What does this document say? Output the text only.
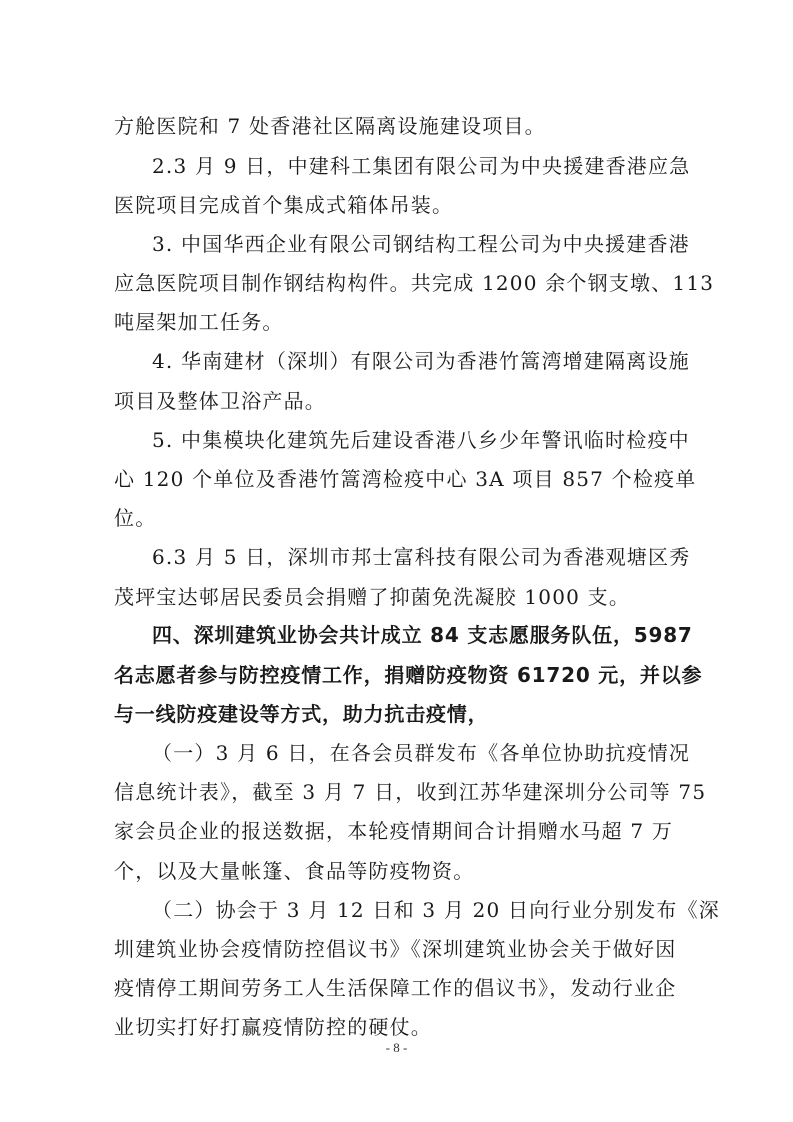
方舱医院和 7 处香港社区隔离设施建设项目。
2.3 月 9 日，中建科工集团有限公司为中央援建香港应急
医院项目完成首个集成式箱体吊装。
3. 中国华西企业有限公司钢结构工程公司为中央援建香港
应急医院项目制作钢结构构件。共完成 1200 余个钢支墩、113
吨屋架加工任务。
4. 华南建材（深圳）有限公司为香港竹篙湾增建隔离设施
项目及整体卫浴产品。
5. 中集模块化建筑先后建设香港八乡少年警讯临时检疫中
心 120 个单位及香港竹篙湾检疫中心 3A 项目 857 个检疫单
位。
6.3 月 5 日，深圳市邦士富科技有限公司为香港观塘区秀
茂坪宝达邨居民委员会捐赠了抑菌免洗凝胶 1000 支。
四、深圳建筑业协会共计成立 84 支志愿服务队伍，5987
名志愿者参与防控疫情工作，捐赠防疫物资 61720 元，并以参
与一线防疫建设等方式，助力抗击疫情，
（一）3 月 6 日，在各会员群发布《各单位协助抗疫情况
信息统计表》，截至 3 月 7 日，收到江苏华建深圳分公司等 75
家会员企业的报送数据，本轮疫情期间合计捐赠水马超 7 万
个，以及大量帐篷、食品等防疫物资。
（二）协会于 3 月 12 日和 3 月 20 日向行业分别发布《深
圳建筑业协会疫情防控倡议书》《深圳建筑业协会关于做好因
疫情停工期间劳务工人生活保障工作的倡议书》，发动行业企
业切实打好打赢疫情防控的硬仗。
- 8 -
